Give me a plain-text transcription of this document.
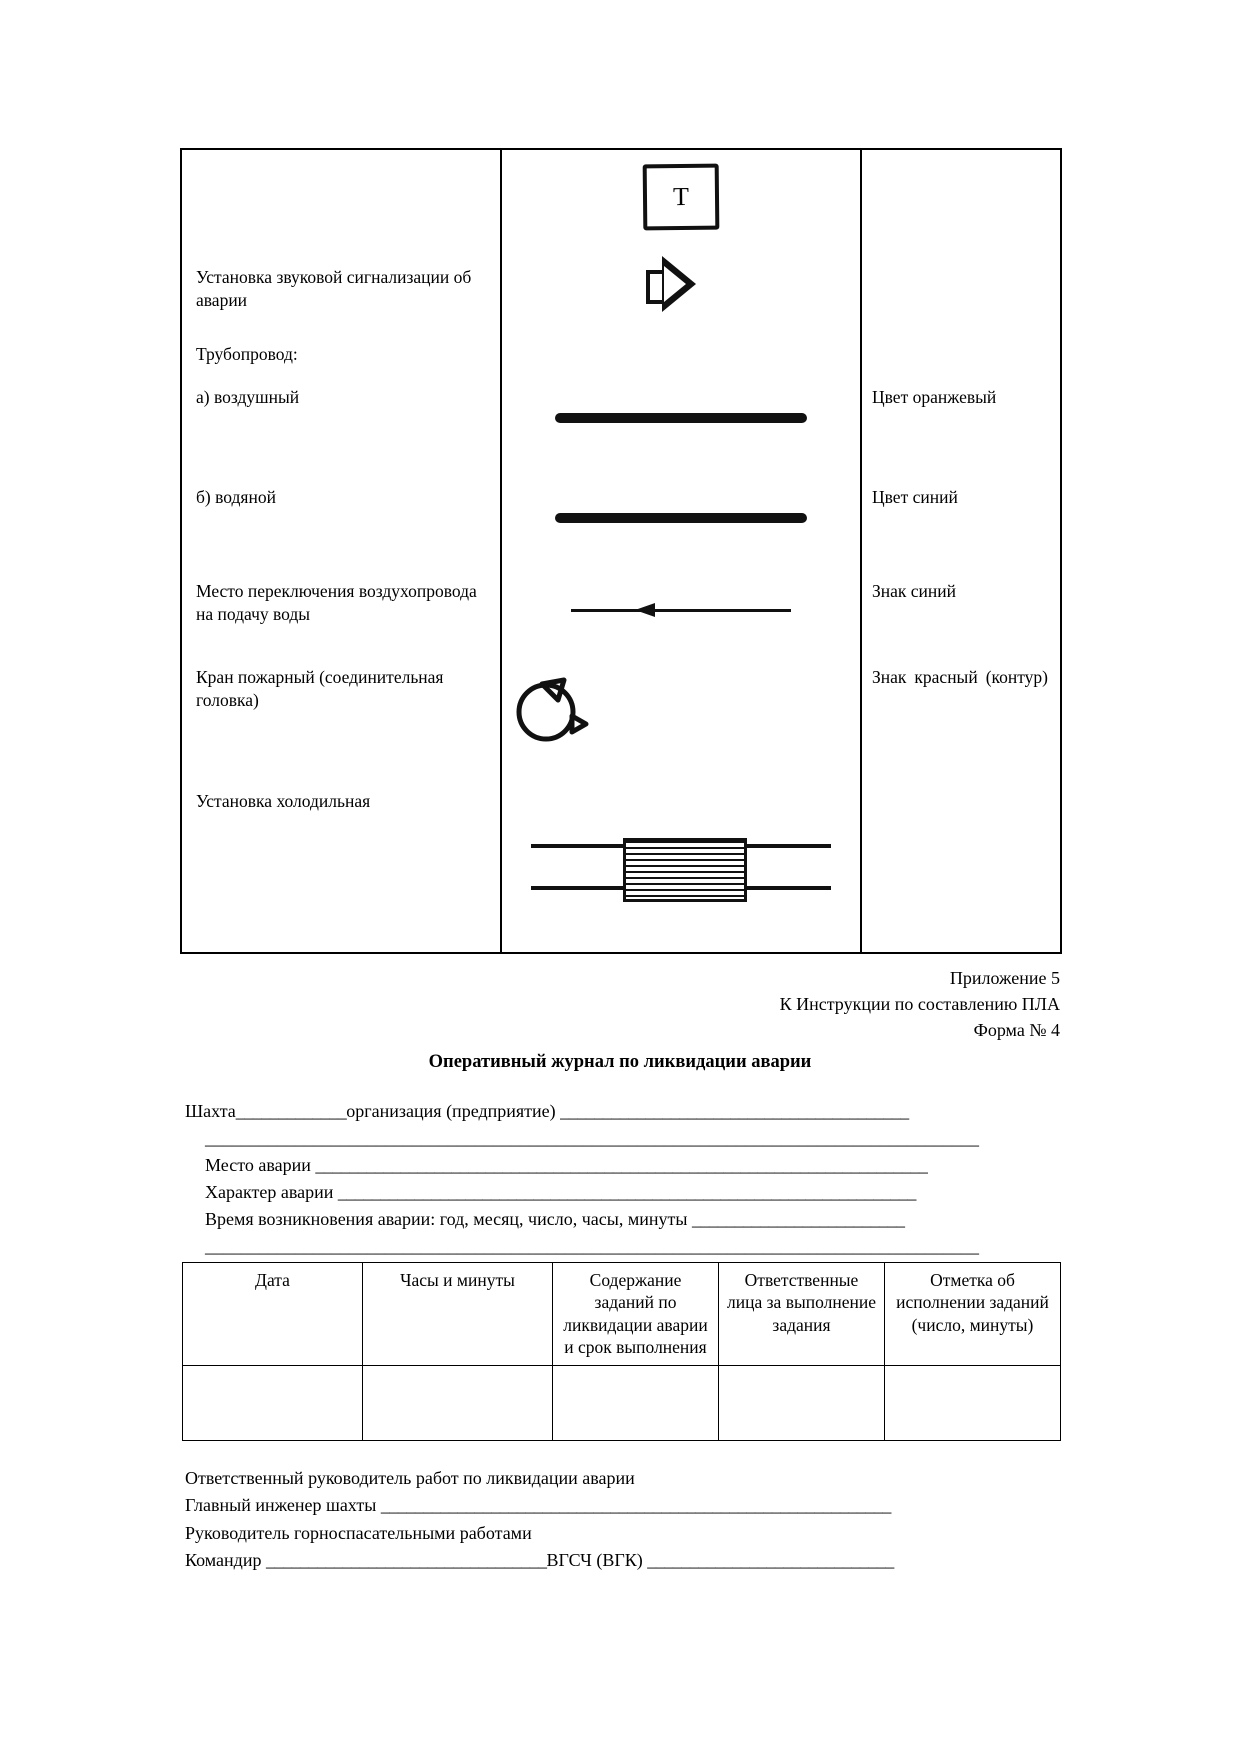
Т	

Установка звуковой сигнализации об аварии		

Трубопровод:		

а) воздушный		Цвет оранжевый

б) водяной		Цвет синий

Место переключения воздухопровода на подачу воды		Знак синий

Кран пожарный (соединительная головка)		Знак красный (контур)

Установка холодильная		

Приложение 5
К Инструкции по составлению ПЛА
Форма № 4
Оперативный журнал по ликвидации аварии
Шахта_____________организация (предприятие) _________________________________________
______________________________________________________________________________________
Место аварии ________________________________________________________________________
Характер аварии ____________________________________________________________________
Время возникновения аварии: год, месяц, число, часы, минуты _________________________
______________________________________________________________________________________
Дата	Часы и минуты	Содержание заданий по ликвидации аварии и срок выполнения	Ответственные лица за выполнение задания	Отметка об исполнении заданий (число, минуты)

Ответственный руководитель работ по ликвидации аварии
Главный инженер шахты ____________________________________________________________
Руководитель горноспасательными работами
Командир _________________________________ВГСЧ (ВГК) _____________________________
